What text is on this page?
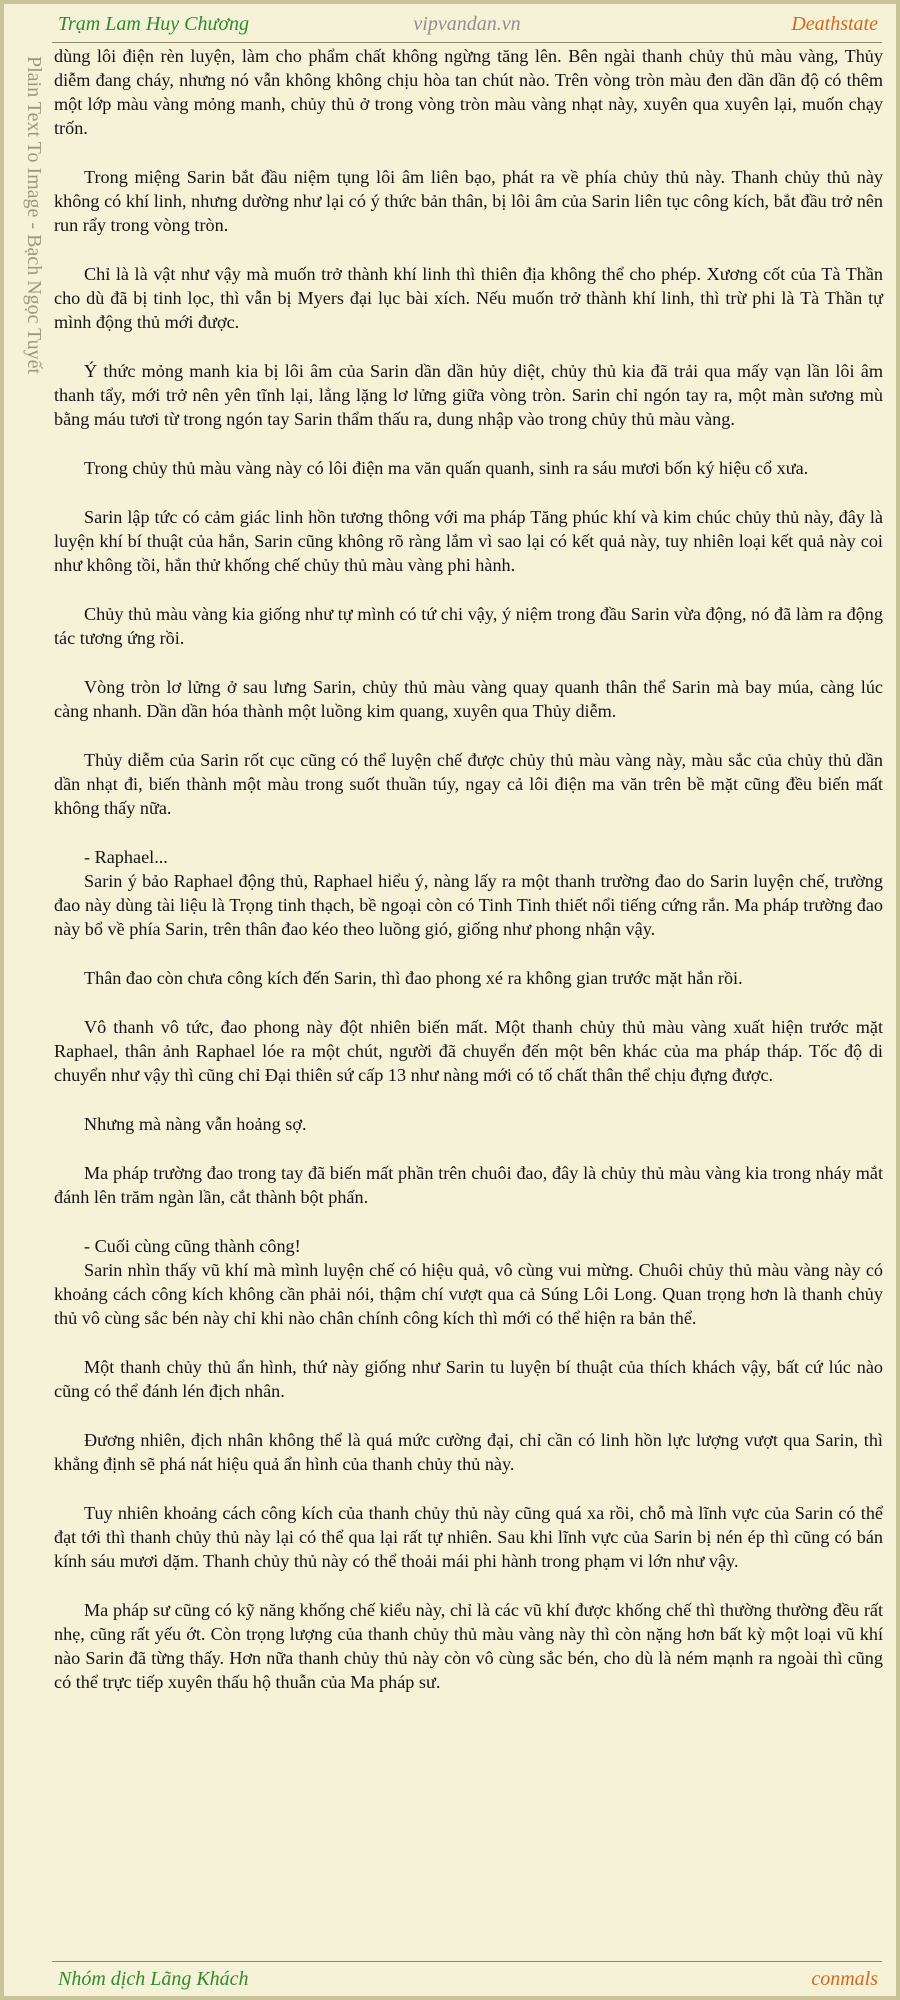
Trạm Lam Huy Chương	vipvandan.vn	Deathstate
Plain Text To Image - Bạch Ngọc Tuyết dùng lôi điện rèn luyện, làm cho phẩm chất không ngừng tăng lên. Bên ngài thanh chủy thủ màu vàng, Thủy diễm đang cháy, nhưng nó vẫn không không chịu hòa tan chút nào. Trên vòng tròn màu đen dần dần độ có thêm một lớp màu vàng mỏng manh, chủy thủ ở trong vòng tròn màu vàng nhạt này, xuyên qua xuyên lại, muốn chạy trốn.

Trong miệng Sarin bắt đầu niệm tụng lôi âm liên bạo, phát ra về phía chủy thủ này. Thanh chủy thủ này không có khí linh, nhưng dường như lại có ý thức bản thân, bị lôi âm của Sarin liên tục công kích, bắt đầu trở nên run rẩy trong vòng tròn.

Chỉ là là vật như vậy mà muốn trở thành khí linh thì thiên địa không thể cho phép. Xương cốt của Tà Thần cho dù đã bị tinh lọc, thì vẫn bị Myers đại lục bài xích. Nếu muốn trở thành khí linh, thì trừ phi là Tà Thần tự mình động thủ mới được.

Ý thức mỏng manh kia bị lôi âm của Sarin dần dần hủy diệt, chủy thủ kia đã trải qua mấy vạn lần lôi âm thanh tẩy, mới trở nên yên tĩnh lại, lẳng lặng lơ lửng giữa vòng tròn. Sarin chỉ ngón tay ra, một màn sương mù bằng máu tươi từ trong ngón tay Sarin thẩm thấu ra, dung nhập vào trong chủy thủ màu vàng.

Trong chủy thủ màu vàng này có lôi điện ma văn quấn quanh, sinh ra sáu mươi bốn ký hiệu cổ xưa.

Sarin lập tức có cảm giác linh hồn tương thông với ma pháp Tăng phúc khí và kim chúc chủy thủ này, đây là luyện khí bí thuật của hắn, Sarin cũng không rõ ràng lắm vì sao lại có kết quả này, tuy nhiên loại kết quả này coi như không tồi, hắn thử khống chế chủy thủ màu vàng phi hành.

Chủy thủ màu vàng kia giống như tự mình có tứ chi vậy, ý niệm trong đầu Sarin vừa động, nó đã làm ra động tác tương ứng rồi.

Vòng tròn lơ lửng ở sau lưng Sarin, chủy thủ màu vàng quay quanh thân thể Sarin mà bay múa, càng lúc càng nhanh. Dần dần hóa thành một luồng kim quang, xuyên qua Thủy diễm.

Thủy diễm của Sarin rốt cục cũng có thể luyện chế được chủy thủ màu vàng này, màu sắc của chủy thủ dần dần nhạt đi, biến thành một màu trong suốt thuần túy, ngay cả lôi điện ma văn trên bề mặt cũng đều biến mất không thấy nữa.

- Raphael...

Sarin ý bảo Raphael động thủ, Raphael hiểu ý, nàng lấy ra một thanh trường đao do Sarin luyện chế, trường đao này dùng tài liệu là Trọng tinh thạch, bề ngoại còn có Tinh Tinh thiết nổi tiếng cứng rắn. Ma pháp trường đao này bổ về phía Sarin, trên thân đao kéo theo luồng gió, giống như phong nhận vậy.

Thân đao còn chưa công kích đến Sarin, thì đao phong xé ra không gian trước mặt hắn rồi.

Vô thanh vô tức, đao phong này đột nhiên biến mất. Một thanh chủy thủ màu vàng xuất hiện trước mặt Raphael, thân ảnh Raphael lóe ra một chút, người đã chuyển đến một bên khác của ma pháp tháp. Tốc độ di chuyển như vậy thì cũng chỉ Đại thiên sứ cấp 13 như nàng mới có tố chất thân thể chịu đựng được.

Nhưng mà nàng vẫn hoảng sợ.

Ma pháp trường đao trong tay đã biến mất phần trên chuôi đao, đây là chủy thủ màu vàng kia trong nháy mắt đánh lên trăm ngàn lần, cắt thành bột phấn.

- Cuối cùng cũng thành công!

Sarin nhìn thấy vũ khí mà mình luyện chế có hiệu quả, vô cùng vui mừng. Chuôi chủy thủ màu vàng này có khoảng cách công kích không cần phải nói, thậm chí vượt qua cả Súng Lôi Long. Quan trọng hơn là thanh chủy thủ vô cùng sắc bén này chỉ khi nào chân chính công kích thì mới có thể hiện ra bản thể.

Một thanh chủy thủ ẩn hình, thứ này giống như Sarin tu luyện bí thuật của thích khách vậy, bất cứ lúc nào cũng có thể đánh lén địch nhân.

Đương nhiên, địch nhân không thể là quá mức cường đại, chỉ cần có linh hồn lực lượng vượt qua Sarin, thì khẳng định sẽ phá nát hiệu quả ẩn hình của thanh chủy thủ này.

Tuy nhiên khoảng cách công kích của thanh chủy thủ này cũng quá xa rồi, chỗ mà lĩnh vực của Sarin có thể đạt tới thì thanh chủy thủ này lại có thể qua lại rất tự nhiên. Sau khi lĩnh vực của Sarin bị nén ép thì cũng có bán kính sáu mươi dặm. Thanh chủy thủ này có thể thoải mái phi hành trong phạm vi lớn như vậy.

Ma pháp sư cũng có kỹ năng khống chế kiểu này, chỉ là các vũ khí được khống chế thì thường thường đều rất nhẹ, cũng rất yếu ớt. Còn trọng lượng của thanh chủy thủ màu vàng này thì còn nặng hơn bất kỳ một loại vũ khí nào Sarin đã từng thấy. Hơn nữa thanh chủy thủ này còn vô cùng sắc bén, cho dù là ném mạnh ra ngoài thì cũng có thể trực tiếp xuyên thấu hộ thuẫn của Ma pháp sư.

Nhóm dịch Lãng Khách	conmals
